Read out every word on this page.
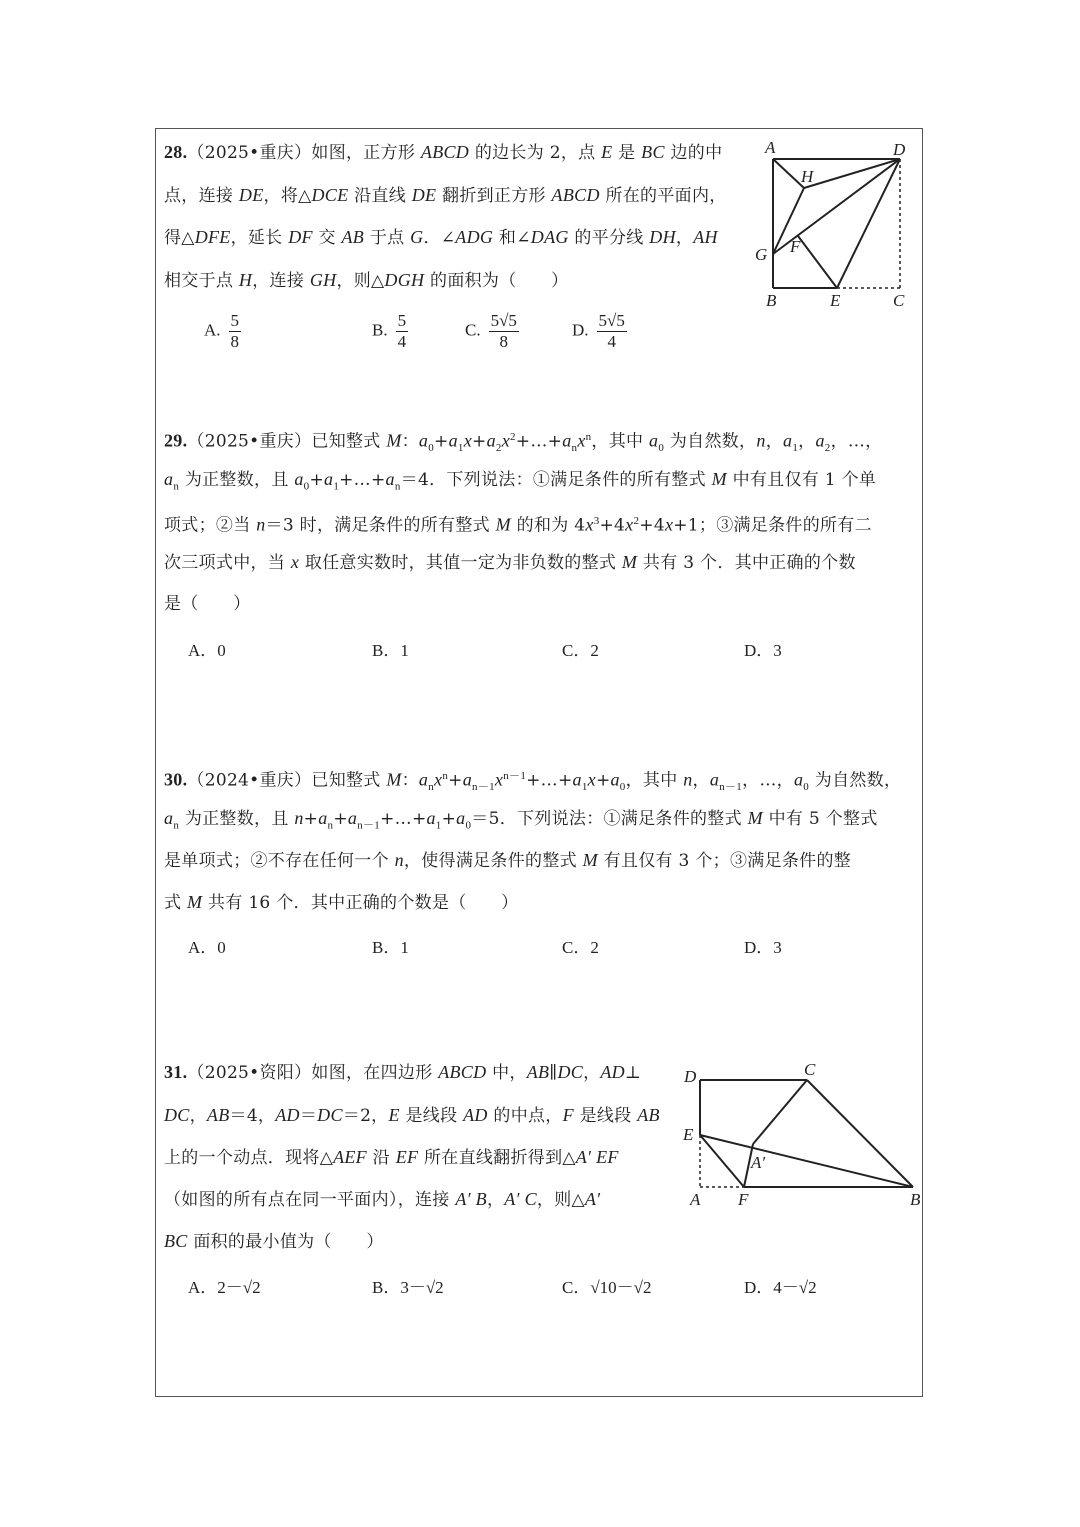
A	D
H
F
G
B	E	C
D	C
E
A′
A F	B
28.（2025•重庆）如图，正方形 ABCD 的边长为 2，点 E 是 BC 边的中
点，连接 DE，将△DCE 沿直线 DE 翻折到正方形 ABCD 所在的平面内，
得△DFE，延长 DF 交 AB 于点 G．∠ADG 和∠DAG 的平分线 DH，AH
相交于点 H，连接 GH，则△DGH 的面积为（　　）
A. $\frac{5}{8}$	B. $\frac{5}{4}$	C. $\frac{5√5}{8}$	D. $\frac{5√5}{4}$
29.（2025•重庆）已知整式 M：$a_0+a_1x+a_2x^2+\dots+a_nx^n$，其中 $a_0$ 为自然数，n，$a_1$，$a_2$，…，
$a_n$ 为正整数，且 $a_0+a_1+\dots+a_n=4$．下列说法：①满足条件的所有整式 M 中有且仅有 1 个单
项式；②当 n＝3 时，满足条件的所有整式 M 的和为 $4x^3+4x^2+4x+1$；③满足条件的所有二
次三项式中，当 x 取任意实数时，其值一定为非负数的整式 M 共有 3 个．其中正确的个数
是（　　）
A．0	B．1	C．2	D．3
30.（2024•重庆）已知整式 M：$a_nx^n+a_{n-1}x^{n-1}+\dots+a_1x+a_0$，其中 n，$a_{n-1}$，…，$a_0$ 为自然数，
$a_n$ 为正整数，且 $n+a_n+a_{n-1}+\dots+a_1+a_0=5$．下列说法：①满足条件的整式 M 中有 5 个整式
是单项式；②不存在任何一个 n，使得满足条件的整式 M 有且仅有 3 个；③满足条件的整
式 M 共有 16 个．其中正确的个数是（　　）
A．0	B．1	C．2	D．3
31.（2025•资阳）如图，在四边形 ABCD 中，AB∥DC，AD⊥
DC，AB＝4，AD＝DC＝2，E 是线段 AD 的中点，F 是线段 AB
上的一个动点．现将△AEF 沿 EF 所在直线翻折得到△A′ EF
（如图的所有点在同一平面内），连接 A′ B，A′ C，则△A′
BC 面积的最小值为（　　）
A．2－√2	B．3－√2	C．√10－√2	D．4－√2
